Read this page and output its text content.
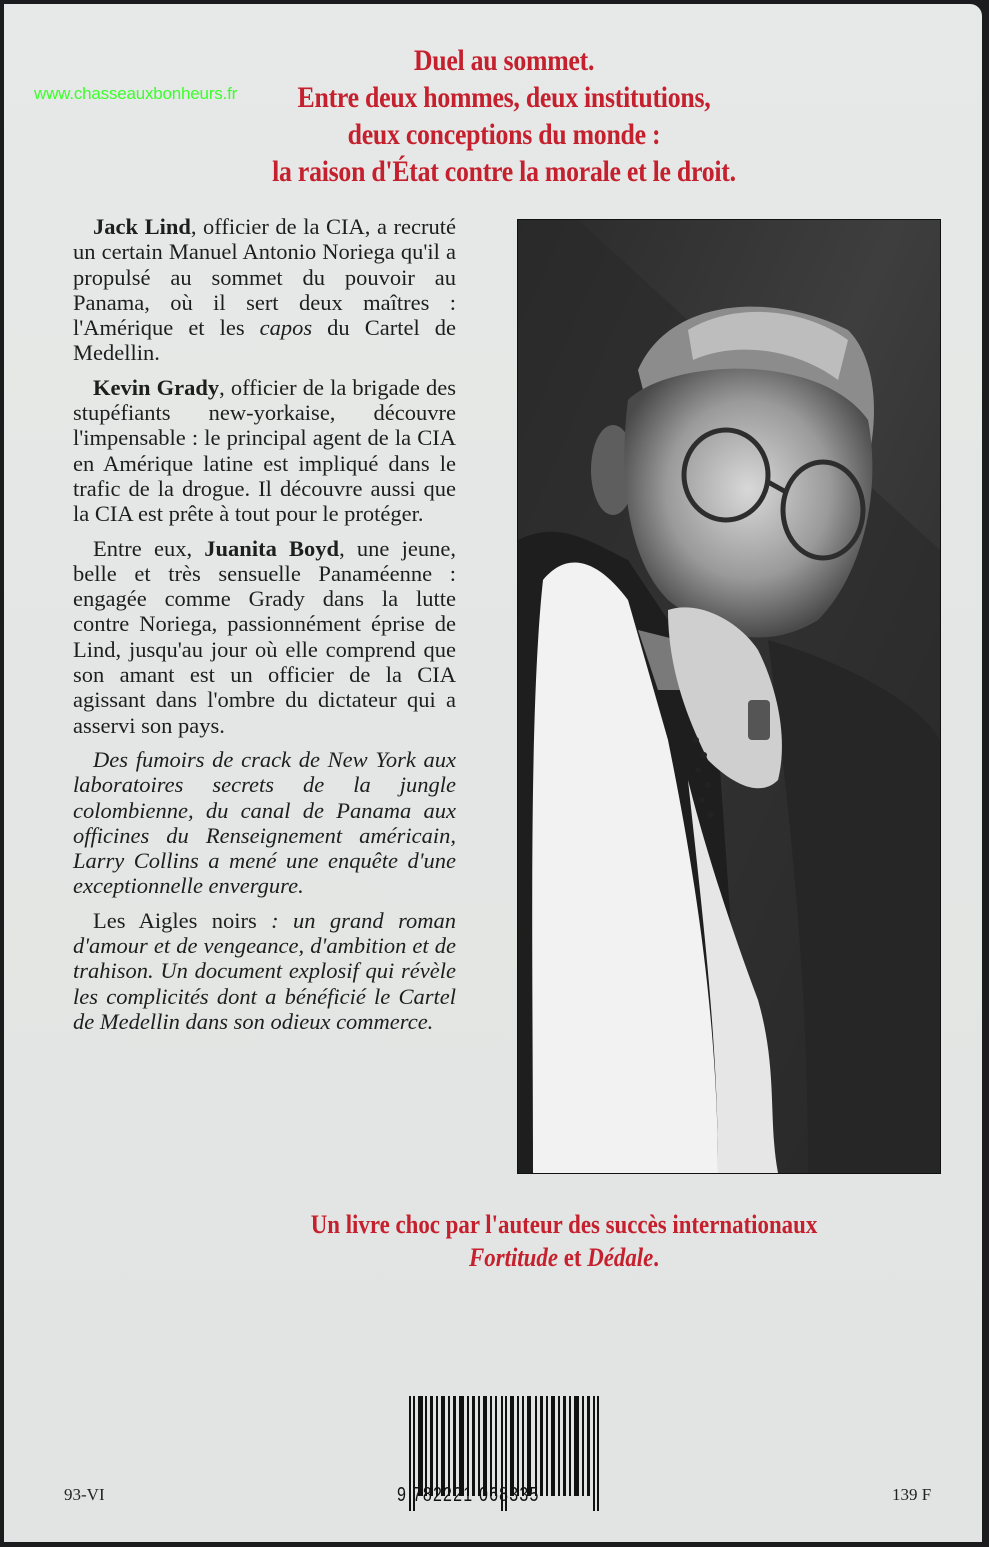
www.chasseauxbonheurs.fr
Duel au sommet.
Entre deux hommes, deux institutions,
deux conceptions du monde :
la raison d'État contre la morale et le droit.

Jack Lind, officier de la CIA, a recruté un certain Manuel Antonio Noriega qu'il a propulsé au sommet du pouvoir au Panama, où il sert deux maîtres : l'Amérique et les capos du Cartel de Medellin.

Kevin Grady, officier de la brigade des stupéfiants new-yorkaise, découvre l'impensable : le principal agent de la CIA en Amérique latine est impliqué dans le trafic de la drogue. Il découvre aussi que la CIA est prête à tout pour le protéger.

Entre eux, Juanita Boyd, une jeune, belle et très sensuelle Panaméenne : engagée comme Grady dans la lutte contre Noriega, passionnément éprise de Lind, jusqu'au jour où elle comprend que son amant est un officier de la CIA agissant dans l'ombre du dictateur qui a asservi son pays.

Des fumoirs de crack de New York aux laboratoires secrets de la jungle colombienne, du canal de Panama aux officines du Renseignement américain, Larry Collins a mené une enquête d'une exceptionnelle envergure.

Les Aigles noirs : un grand roman d'amour et de vengeance, d'ambition et de trahison. Un document explosif qui révèle les complicités dont a bénéficié le Cartel de Medellin dans son odieux commerce.

Un livre choc par l'auteur des succès internationaux
Fortitude et Dédale.
9 782221 068335
93-VI	139 F
